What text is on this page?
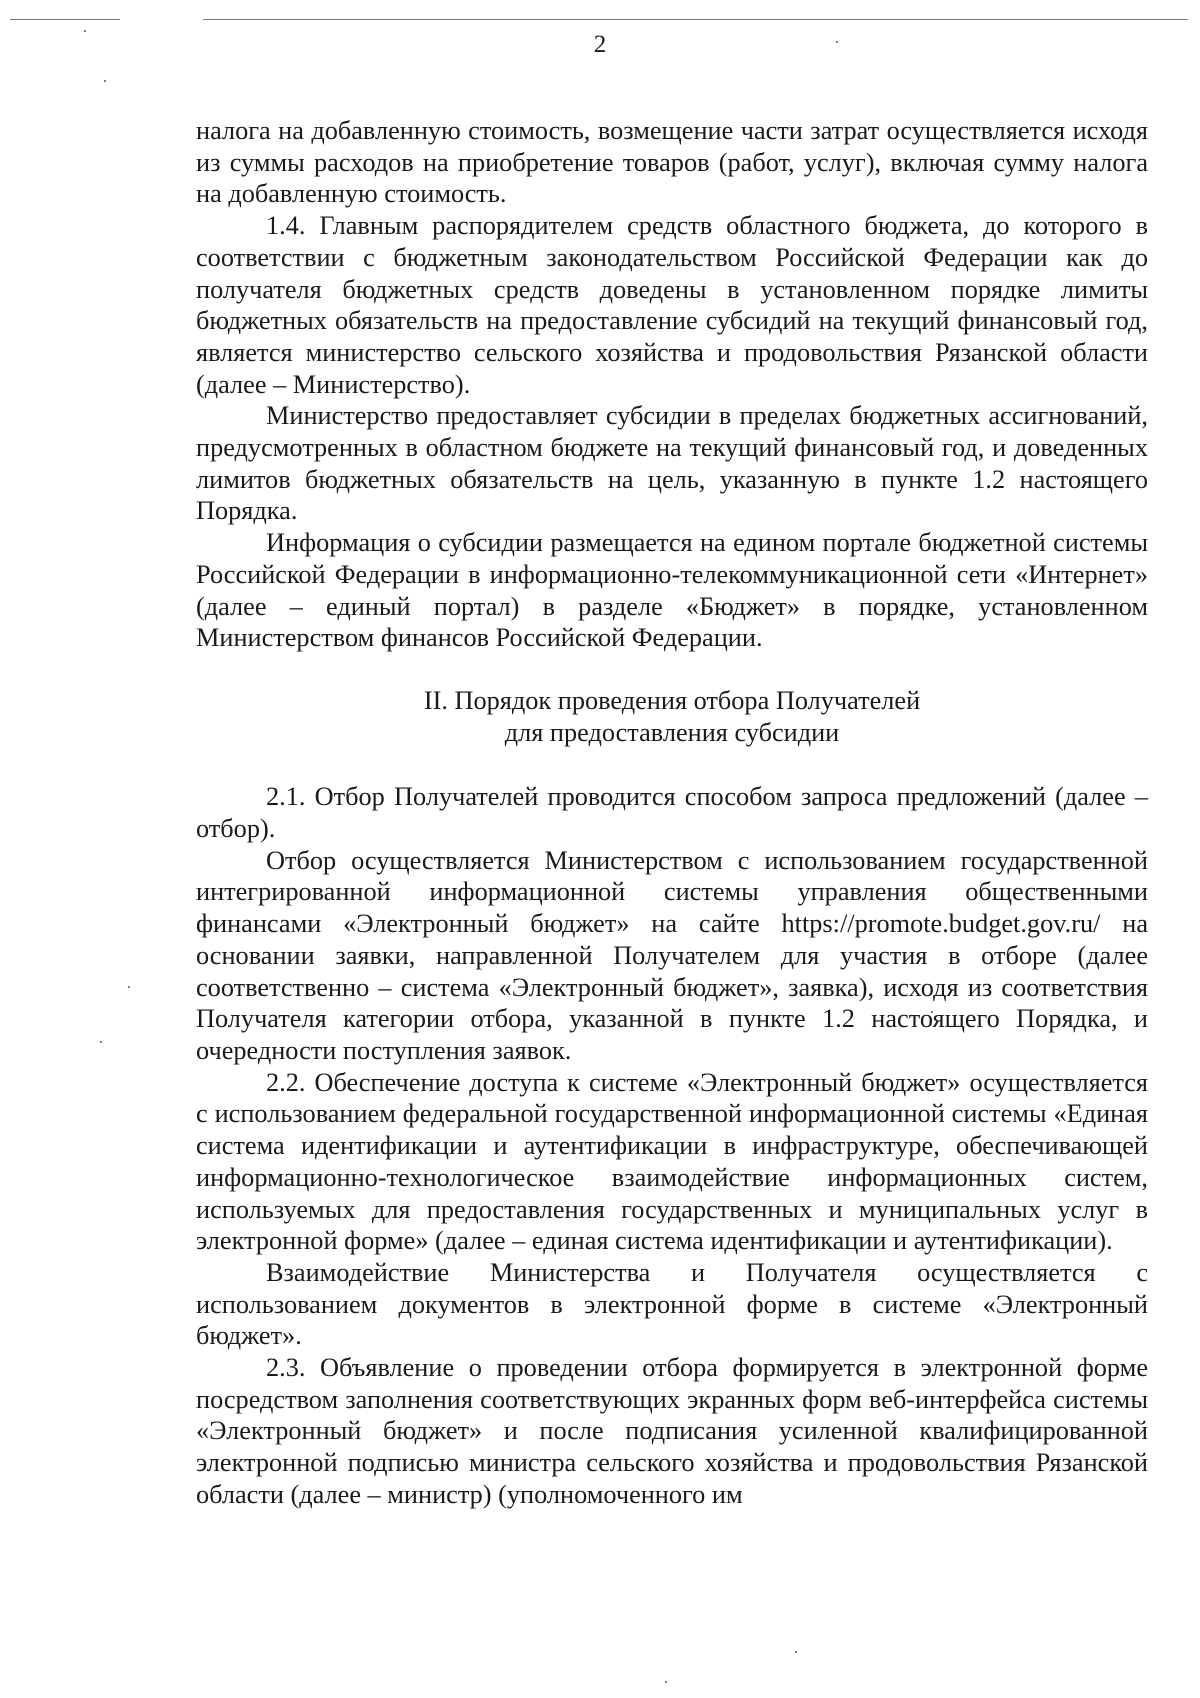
2

налога на добавленную стоимость, возмещение части затрат осуществляется исходя из суммы расходов на приобретение товаров (работ, услуг), включая сумму налога на добавленную стоимость.

1.4. Главным распорядителем средств областного бюджета, до которого в соответствии с бюджетным законодательством Российской Федерации как до получателя бюджетных средств доведены в установленном порядке лимиты бюджетных обязательств на предоставление субсидий на текущий финансовый год, является министерство сельского хозяйства и продовольствия Рязанской области (далее – Министерство).

Министерство предоставляет субсидии в пределах бюджетных ассигнований, предусмотренных в областном бюджете на текущий финансовый год, и доведенных лимитов бюджетных обязательств на цель, указанную в пункте 1.2 настоящего Порядка.

Информация о субсидии размещается на едином портале бюджетной системы Российской Федерации в информационно-телекоммуникационной сети «Интернет» (далее – единый портал) в разделе «Бюджет» в порядке, установленном Министерством финансов Российской Федерации.

II. Порядок проведения отбора Получателей
для предоставления субсидии

2.1. Отбор Получателей проводится способом запроса предложений (далее – отбор).

Отбор осуществляется Министерством с использованием государственной интегрированной информационной системы управления общественными финансами «Электронный бюджет» на сайте https://promote.budget.gov.ru/ на основании заявки, направленной Получателем для участия в отборе (далее соответственно – система «Электронный бюджет», заявка), исходя из соответствия Получателя категории отбора, указанной в пункте 1.2 настоящего Порядка, и очередности поступления заявок.

2.2. Обеспечение доступа к системе «Электронный бюджет» осуществляется с использованием федеральной государственной информационной системы «Единая система идентификации и аутентификации в инфраструктуре, обеспечивающей информационно-технологическое взаимодействие информационных систем, используемых для предоставления государственных и муниципальных услуг в электронной форме» (далее – единая система идентификации и аутентификации).

Взаимодействие Министерства и Получателя осуществляется с использованием документов в электронной форме в системе «Электронный бюджет».

2.3. Объявление о проведении отбора формируется в электронной форме посредством заполнения соответствующих экранных форм веб-интерфейса системы «Электронный бюджет» и после подписания усиленной квалифицированной электронной подписью министра сельского хозяйства и продовольствия Рязанской области (далее – министр) (уполномоченного им
